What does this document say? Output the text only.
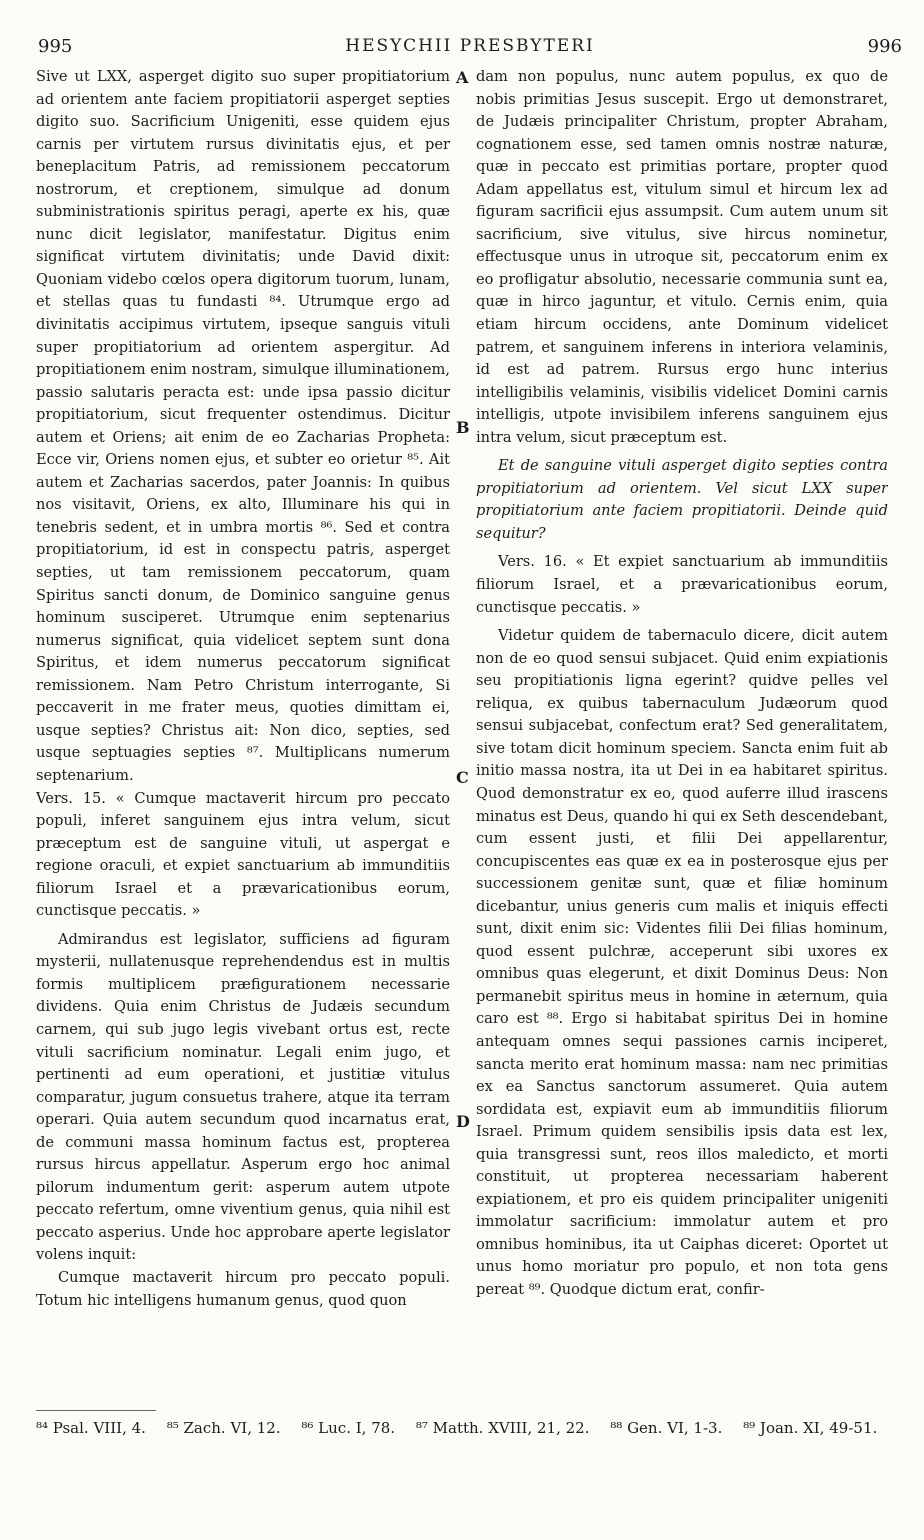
995	HESYCHII PRESBYTERI	996

Sive ut LXX, asperget digito suo super propitiatorium ad orientem ante faciem propitiatorii asperget septies digito suo. Sacrificium Unigeniti, esse quidem ejus carnis per virtutem rursus divinitatis ejus, et per beneplacitum Patris, ad remissionem peccatorum nostrorum, et creptionem, simulque ad donum subministrationis spiritus peragi, aperte ex his, quæ nunc dicit legislator, manifestatur. Digitus enim significat virtutem divinitatis; unde David dixit: Quoniam videbo cœlos opera digitorum tuorum, lunam, et stellas quas tu fundasti ⁸⁴. Utrumque ergo ad divinitatis accipimus virtutem, ipseque sanguis vituli super propitiatorium ad orientem aspergitur. Ad propitiationem enim nostram, simulque illuminationem, passio salutaris peracta est: unde ipsa passio dicitur propitiatorium, sicut frequenter ostendimus. Dicitur autem et Oriens; ait enim de eo Zacharias Propheta: Ecce vir, Oriens nomen ejus, et subter eo orietur ⁸⁵. Ait autem et Zacharias sacerdos, pater Joannis: In quibus nos visitavit, Oriens, ex alto, Illuminare his qui in tenebris sedent, et in umbra mortis ⁸⁶. Sed et contra propitiatorium, id est in conspectu patris, asperget septies, ut tam remissionem peccatorum, quam Spiritus sancti donum, de Dominico sanguine genus hominum susciperet. Utrumque enim septenarius numerus significat, quia videlicet septem sunt dona Spiritus, et idem numerus peccatorum significat remissionem. Nam Petro Christum interrogante, Si peccaverit in me frater meus, quoties dimittam ei, usque septies? Christus ait: Non dico, septies, sed usque septuagies septies ⁸⁷. Multiplicans numerum septenarium.

Vers. 15. « Cumque mactaverit hircum pro peccato populi, inferet sanguinem ejus intra velum, sicut præceptum est de sanguine vituli, ut aspergat e regione oraculi, et expiet sanctuarium ab immunditiis filiorum Israel et a prævaricationibus eorum, cunctisque peccatis. »

Admirandus est legislator, sufficiens ad figuram mysterii, nullatenusque reprehendendus est in multis formis multiplicem præfigurationem necessarie dividens. Quia enim Christus de Judæis secundum carnem, qui sub jugo legis vivebant ortus est, recte vituli sacrificium nominatur. Legali enim jugo, et pertinenti ad eum operationi, et justitiæ vitulus comparatur, jugum consuetus trahere, atque ita terram operari. Quia autem secundum quod incarnatus erat, de communi massa hominum factus est, propterea rursus hircus appellatur. Asperum ergo hoc animal pilorum indumentum gerit: asperum autem utpote peccato refertum, omne viventium genus, quia nihil est peccato asperius. Unde hoc approbare aperte legislator volens inquit:

Cumque mactaverit hircum pro peccato populi. Totum hic intelligens humanum genus, quod quon

A
B
C
D

dam non populus, nunc autem populus, ex quo de nobis primitias Jesus suscepit. Ergo ut demonstraret, de Judæis principaliter Christum, propter Abraham, cognationem esse, sed tamen omnis nostræ naturæ, quæ in peccato est primitias portare, propter quod Adam appellatus est, vitulum simul et hircum lex ad figuram sacrificii ejus assumpsit. Cum autem unum sit sacrificium, sive vitulus, sive hircus nominetur, effectusque unus in utroque sit, peccatorum enim ex eo profligatur absolutio, necessarie communia sunt ea, quæ in hirco jaguntur, et vitulo. Cernis enim, quia etiam hircum occidens, ante Dominum videlicet patrem, et sanguinem inferens in interiora velaminis, id est ad patrem. Rursus ergo hunc interius intelligibilis velaminis, visibilis videlicet Domini carnis intelligis, utpote invisibilem inferens sanguinem ejus intra velum, sicut præceptum est.

Et de sanguine vituli asperget digito septies contra propitiatorium ad orientem. Vel sicut LXX super propitiatorium ante faciem propitiatorii. Deinde quid sequitur?

Vers. 16. « Et expiet sanctuarium ab immunditiis filiorum Israel, et a prævaricationibus eorum, cunctisque peccatis. »

Videtur quidem de tabernaculo dicere, dicit autem non de eo quod sensui subjacet. Quid enim expiationis seu propitiationis ligna egerint? quidve pelles vel reliqua, ex quibus tabernaculum Judæorum quod sensui subjacebat, confectum erat? Sed generalitatem, sive totam dicit hominum speciem. Sancta enim fuit ab initio massa nostra, ita ut Dei in ea habitaret spiritus. Quod demonstratur ex eo, quod auferre illud irascens minatus est Deus, quando hi qui ex Seth descendebant, cum essent justi, et filii Dei appellarentur, concupiscentes eas quæ ex ea in posterosque ejus per successionem genitæ sunt, quæ et filiæ hominum dicebantur, unius generis cum malis et iniquis effecti sunt, dixit enim sic: Videntes filii Dei filias hominum, quod essent pulchræ, acceperunt sibi uxores ex omnibus quas elegerunt, et dixit Dominus Deus: Non permanebit spiritus meus in homine in æternum, quia caro est ⁸⁸. Ergo si habitabat spiritus Dei in homine antequam omnes sequi passiones carnis inciperet, sancta merito erat hominum massa: nam nec primitias ex ea Sanctus sanctorum assumeret. Quia autem sordidata est, expiavit eum ab immunditiis filiorum Israel. Primum quidem sensibilis ipsis data est lex, quia transgressi sunt, reos illos maledicto, et morti constituit, ut propterea necessariam haberent expiationem, et pro eis quidem principaliter unigeniti immolatur sacrificium: immolatur autem et pro omnibus hominibus, ita ut Caiphas diceret: Oportet ut unus homo moriatur pro populo, et non tota gens pereat ⁸⁹. Quodque dictum erat, confir-

⁸⁴ Psal. VIII, 4. ⁸⁵ Zach. VI, 12. ⁸⁶ Luc. I, 78. ⁸⁷ Matth. XVIII, 21, 22. ⁸⁸ Gen. VI, 1-3. ⁸⁹ Joan. XI, 49-51.
